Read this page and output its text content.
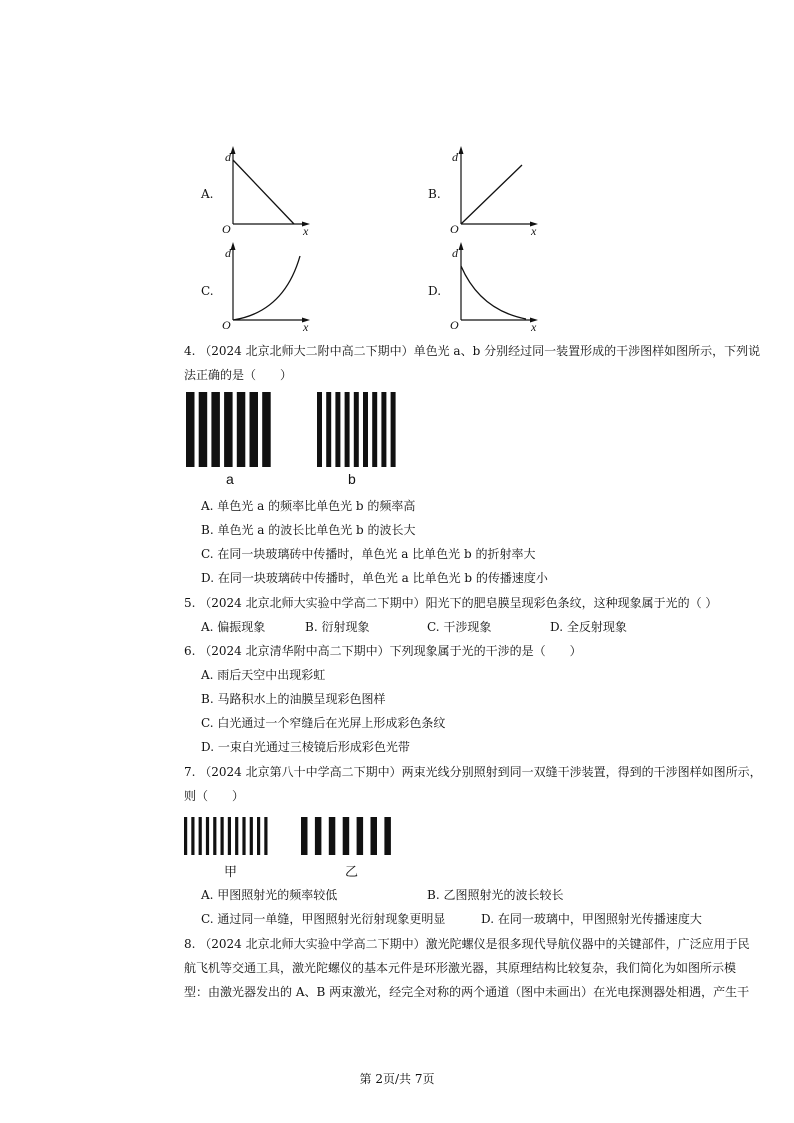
A.
d
O	x
B.
d
O	x
C.
d
O	x
D.
d
O	x
4. （2024 北京北师大二附中高二下期中）单色光 a、b 分别经过同一装置形成的干涉图样如图所示，下列说
法正确的是（　　）
a	b
A. 单色光 a 的频率比单色光 b 的频率高
B. 单色光 a 的波长比单色光 b 的波长大
C. 在同一块玻璃砖中传播时，单色光 a 比单色光 b 的折射率大
D. 在同一块玻璃砖中传播时，单色光 a 比单色光 b 的传播速度小
5. （2024 北京北师大实验中学高二下期中）阳光下的肥皂膜呈现彩色条纹，这种现象属于光的（ ）
A. 偏振现象	B. 衍射现象	C. 干涉现象	D. 全反射现象
6. （2024 北京清华附中高二下期中）下列现象属于光的干涉的是（　　）
A. 雨后天空中出现彩虹
B. 马路积水上的油膜呈现彩色图样
C. 白光通过一个窄缝后在光屏上形成彩色条纹
D. 一束白光通过三棱镜后形成彩色光带
7. （2024 北京第八十中学高二下期中）两束光线分别照射到同一双缝干涉装置，得到的干涉图样如图所示，
则（　　）
甲	乙
A. 甲图照射光的频率较低	B. 乙图照射光的波长较长
C. 通过同一单缝，甲图照射光衍射现象更明显	D. 在同一玻璃中，甲图照射光传播速度大
8. （2024 北京北师大实验中学高二下期中）激光陀螺仪是很多现代导航仪器中的关键部件，广泛应用于民
航飞机等交通工具，激光陀螺仪的基本元件是环形激光器，其原理结构比较复杂，我们简化为如图所示模
型：由激光器发出的 A、B 两束激光，经完全对称的两个通道（图中未画出）在光电探测器处相遇，产生干
第 2页/共 7页
